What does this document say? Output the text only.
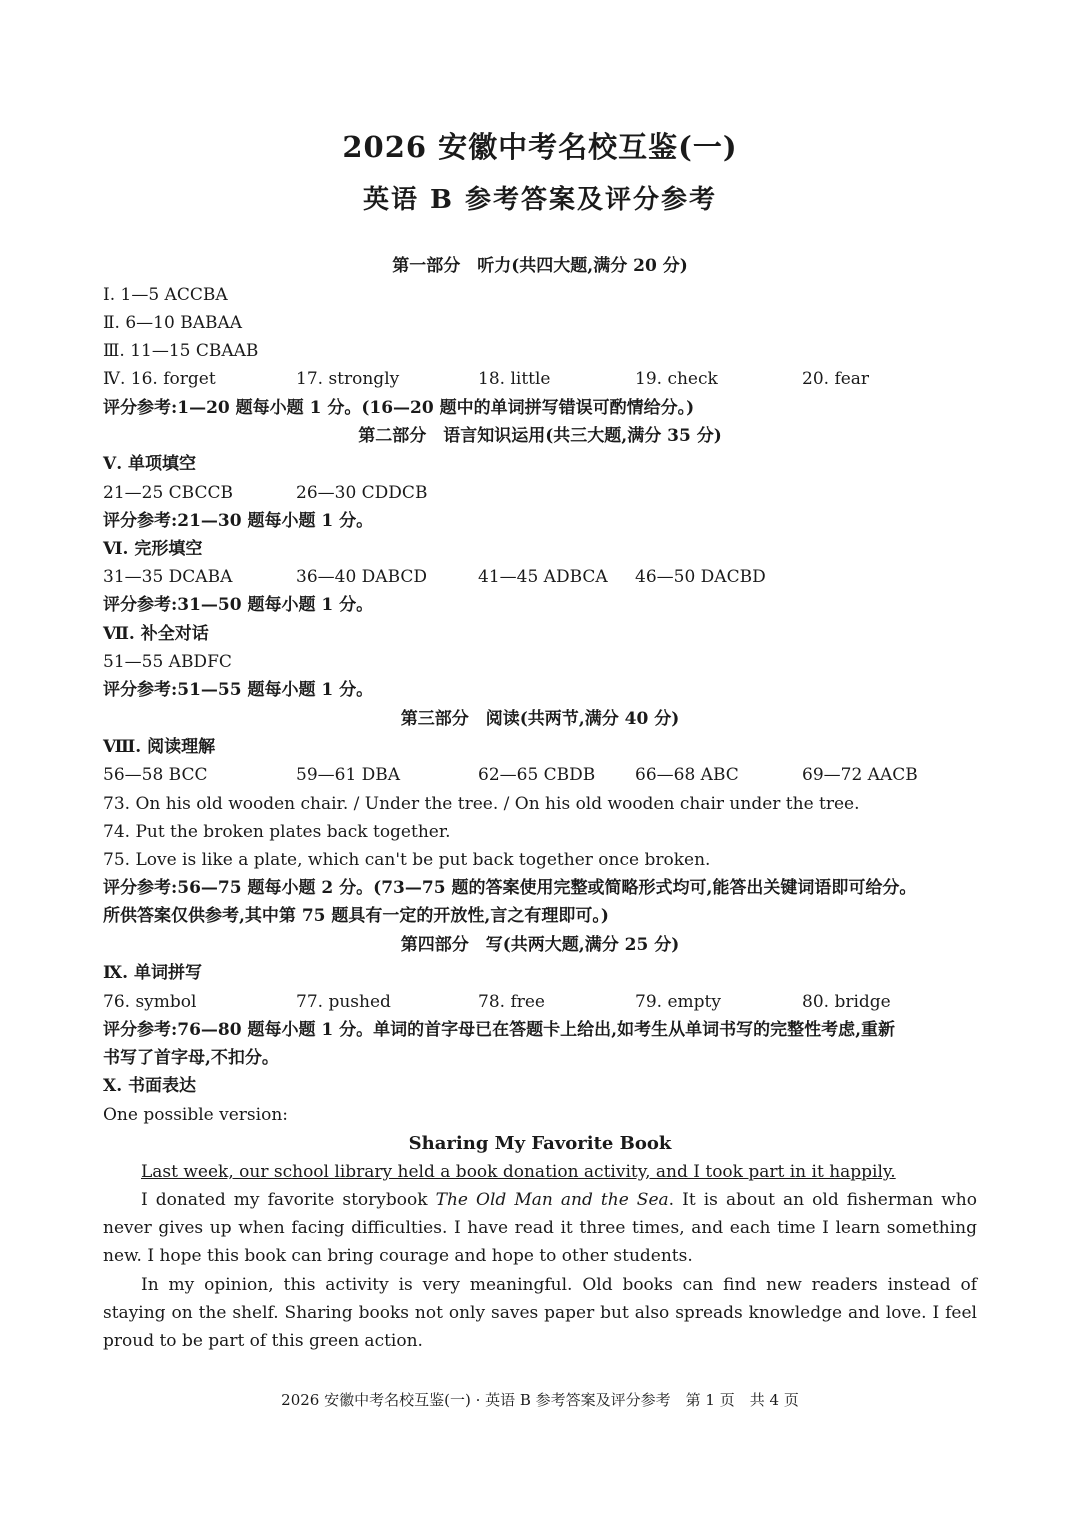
2026 安徽中考名校互鉴(一)
英语 B 参考答案及评分参考
第一部分　听力(共四大题,满分 20 分)
Ⅰ. 1—5 ACCBA
Ⅱ. 6—10 BABAA
Ⅲ. 11—15 CBAAB
Ⅳ. 16. forget	17. strongly	18. little	19. check	20. fear
评分参考:1—20 题每小题 1 分。(16—20 题中的单词拼写错误可酌情给分。)
第二部分　语言知识运用(共三大题,满分 35 分)
Ⅴ. 单项填空
21—25 CBCCB	26—30 CDDCB
评分参考:21—30 题每小题 1 分。
Ⅵ. 完形填空
31—35 DCABA	36—40 DABCD	41—45 ADBCA 46—50 DACBD
评分参考:31—50 题每小题 1 分。
Ⅶ. 补全对话
51—55 ABDFC
评分参考:51—55 题每小题 1 分。
第三部分　阅读(共两节,满分 40 分)
Ⅷ. 阅读理解
56—58 BCC	59—61 DBA	62—65 CBDB 66—68 ABC	69—72 AACB
73. On his old wooden chair. / Under the tree. / On his old wooden chair under the tree.
74. Put the broken plates back together.
75. Love is like a plate, which can't be put back together once broken.
评分参考:56—75 题每小题 2 分。(73—75 题的答案使用完整或简略形式均可,能答出关键词语即可给分。
所供答案仅供参考,其中第 75 题具有一定的开放性,言之有理即可。)
第四部分　写(共两大题,满分 25 分)
Ⅸ. 单词拼写
76. symbol	77. pushed	78. free	79. empty	80. bridge
评分参考:76—80 题每小题 1 分。单词的首字母已在答题卡上给出,如考生从单词书写的完整性考虑,重新
书写了首字母,不扣分。
Ⅹ. 书面表达
One possible version:
Sharing My Favorite Book
Last week, our school library held a book donation activity, and I took part in it happily.
I donated my favorite storybook The Old Man and the Sea. It is about an old fisherman who never gives up when facing difficulties. I have read it three times, and each time I learn something new. I hope this book can bring courage and hope to other students.
In my opinion, this activity is very meaningful. Old books can find new readers instead of staying on the shelf. Sharing books not only saves paper but also spreads knowledge and love. I feel proud to be part of this green action.
2026 安徽中考名校互鉴(一) · 英语 B 参考答案及评分参考　第 1 页　共 4 页
